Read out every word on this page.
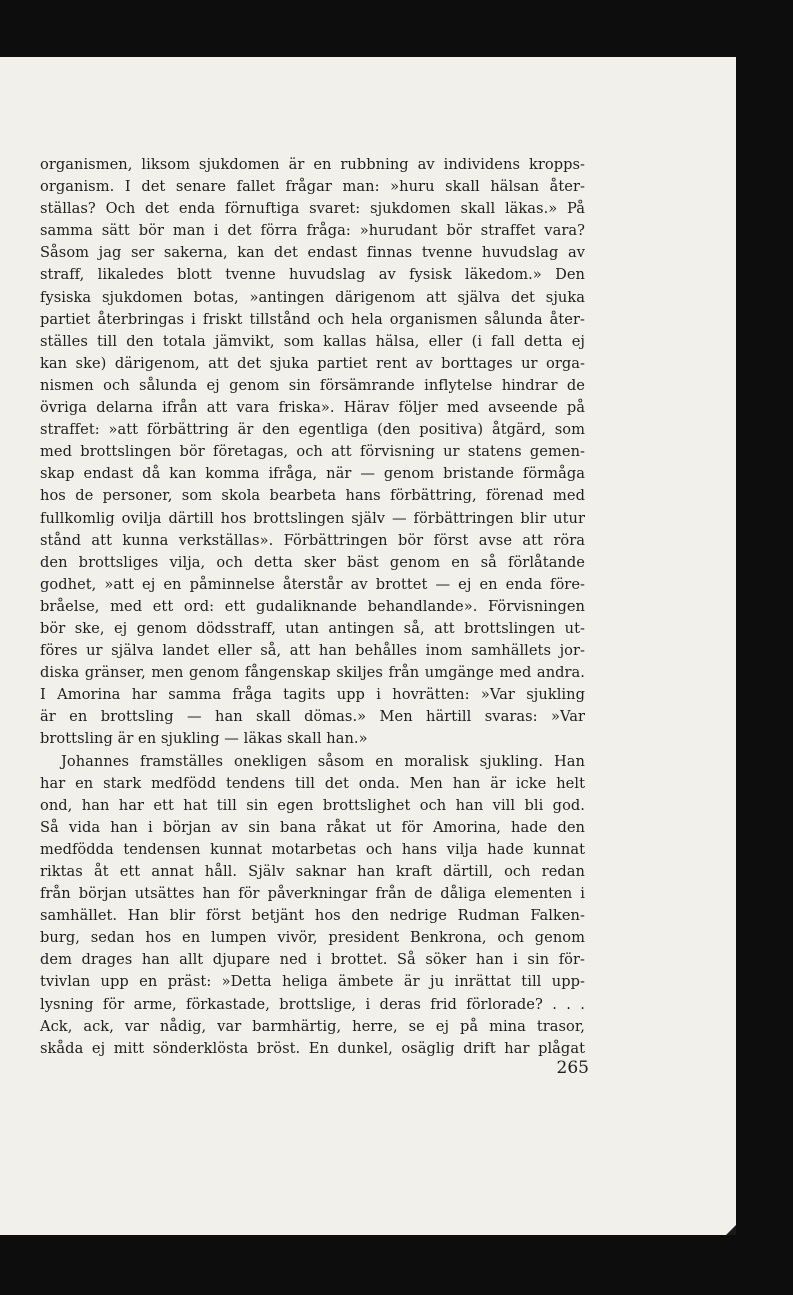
organismen, liksom sjukdomen är en rubbning av individens kropps-
organism. I det senare fallet frågar man: »huru skall hälsan åter-
ställas? Och det enda förnuftiga svaret: sjukdomen skall läkas.» På
samma sätt bör man i det förra fråga: »hurudant bör straffet vara?
Såsom jag ser sakerna, kan det endast finnas tvenne huvudslag av
straff, likaledes blott tvenne huvudslag av fysisk läkedom.» Den
fysiska sjukdomen botas, »antingen därigenom att själva det sjuka
partiet återbringas i friskt tillstånd och hela organismen sålunda åter-
ställes till den totala jämvikt, som kallas hälsa, eller (i fall detta ej
kan ske) därigenom, att det sjuka partiet rent av borttages ur orga-
nismen och sålunda ej genom sin försämrande inflytelse hindrar de
övriga delarna ifrån att vara friska». Härav följer med avseende på
straffet: »att förbättring är den egentliga (den positiva) åtgärd, som
med brottslingen bör företagas, och att förvisning ur statens gemen-
skap endast då kan komma ifråga, när — genom bristande förmåga
hos de personer, som skola bearbeta hans förbättring, förenad med
fullkomlig ovilja därtill hos brottslingen själv — förbättringen blir utur
stånd att kunna verkställas». Förbättringen bör först avse att röra
den brottsliges vilja, och detta sker bäst genom en så förlåtande
godhet, »att ej en påminnelse återstår av brottet — ej en enda före-
bråelse, med ett ord: ett gudaliknande behandlande». Förvisningen
bör ske, ej genom dödsstraff, utan antingen så, att brottslingen ut-
föres ur själva landet eller så, att han behålles inom samhällets jor-
diska gränser, men genom fångenskap skiljes från umgänge med andra.
I Amorina har samma fråga tagits upp i hovrätten: »Var sjukling
är en brottsling — han skall dömas.» Men härtill svaras: »Var
brottsling är en sjukling — läkas skall han.»
Johannes framställes onekligen såsom en moralisk sjukling. Han
har en stark medfödd tendens till det onda. Men han är icke helt
ond, han har ett hat till sin egen brottslighet och han vill bli god.
Så vida han i början av sin bana råkat ut för Amorina, hade den
medfödda tendensen kunnat motarbetas och hans vilja hade kunnat
riktas åt ett annat håll. Själv saknar han kraft därtill, och redan
från början utsättes han för påverkningar från de dåliga elementen i
samhället. Han blir först betjänt hos den nedrige Rudman Falken-
burg, sedan hos en lumpen vivör, president Benkrona, och genom
dem drages han allt djupare ned i brottet. Så söker han i sin för-
tvivlan upp en präst: »Detta heliga ämbete är ju inrättat till upp-
lysning för arme, förkastade, brottslige, i deras frid förlorade? . . .
Ack, ack, var nådig, var barmhärtig, herre, se ej på mina trasor,
skåda ej mitt sönderklösta bröst. En dunkel, osäglig drift har plågat
265
